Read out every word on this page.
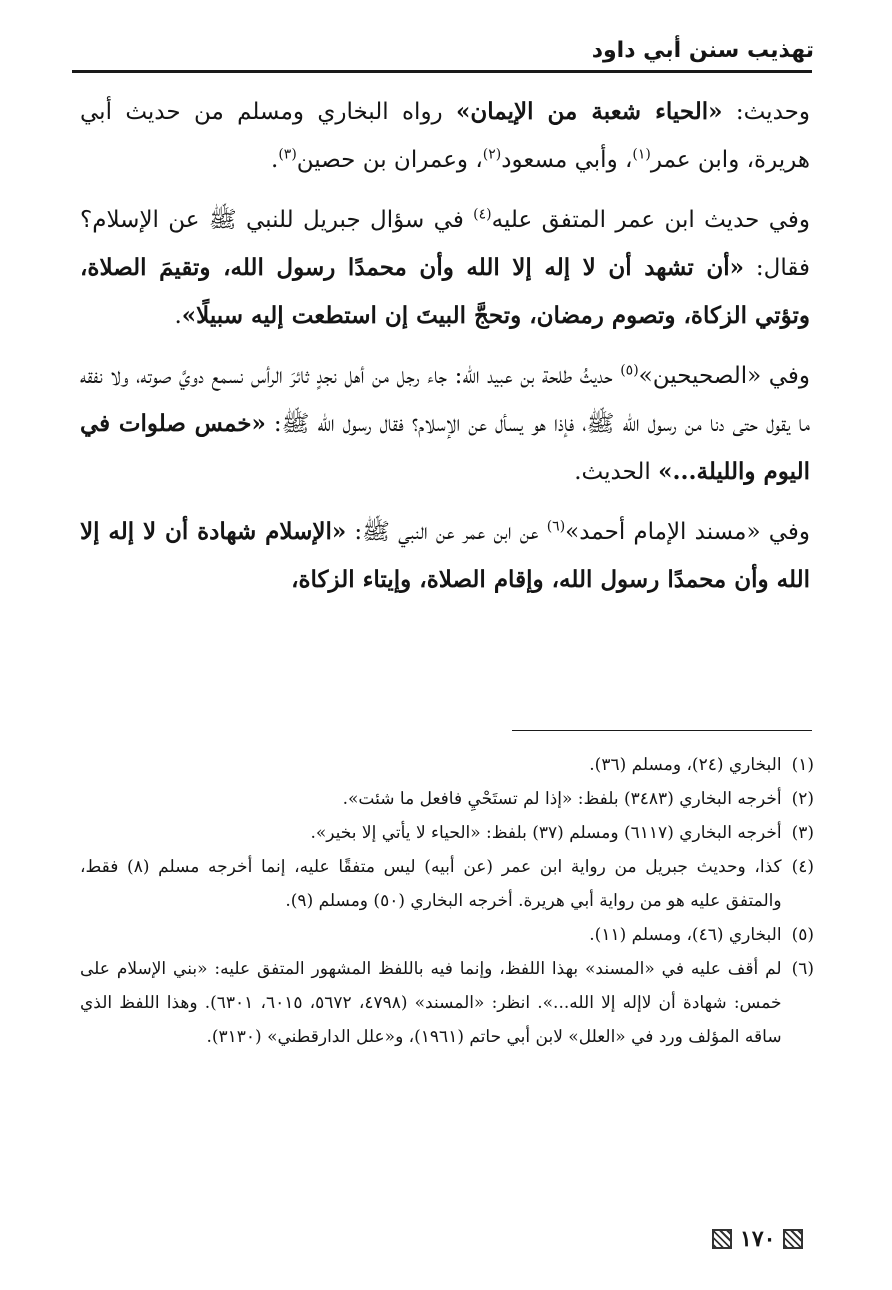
تهذيب سنن أبي داود

وحديث: «الحياء شعبة من الإيمان» رواه البخاري ومسلم من حديث أبي هريرة، وابن عمر$^{(١)}$، وأبي مسعود$^{(٢)}$، وعمران بن حصين$^{(٣)}$.

وفي حديث ابن عمر المتفق عليه$^{(٤)}$ في سؤال جبريل للنبي ﷺ عن الإسلام؟ فقال: «أن تشهد أن لا إله إلا الله وأن محمدًا رسول الله، وتقيمَ الصلاة، وتؤتي الزكاة، وتصوم رمضان، وتحجَّ البيتَ إن استطعت إليه سبيلًا».

وفي «الصحيحين»$^{(٥)}$ حديثُ طلحة بن عبيد الله: جاء رجل من أهل نجدٍ ثائرَ الرأس نسمع دويَّ صوته، ولا نفقه ما يقول حتى دنا من رسول الله ﷺ، فإذا هو يسأل عن الإسلام؟ فقال رسول الله ﷺ: «خمس صلوات في اليوم والليلة...» الحديث.

وفي «مسند الإمام أحمد»$^{(٦)}$ عن ابن عمر عن النبي ﷺ: «الإسلام شهادة أن لا إله إلا الله وأن محمدًا رسول الله، وإقام الصلاة، وإيتاء الزكاة،

(١)
البخاري (٢٤)، ومسلم (٣٦).
(٢)
أخرجه البخاري (٣٤٨٣) بلفظ: «إذا لم تستَحْيِ فافعل ما شئت».
(٣)
أخرجه البخاري (٦١١٧) ومسلم (٣٧) بلفظ: «الحياء لا يأتي إلا بخير».
(٤)
كذا، وحديث جبريل من رواية ابن عمر (عن أبيه) ليس متفقًا عليه، إنما أخرجه مسلم (٨) فقط، والمتفق عليه هو من رواية أبي هريرة. أخرجه البخاري (٥٠) ومسلم (٩).
(٥)
البخاري (٤٦)، ومسلم (١١).
(٦)
لم أقف عليه في «المسند» بهذا اللفظ، وإنما فيه باللفظ المشهور المتفق عليه: «بني الإسلام على خمس: شهادة أن لاإله إلا الله...». انظر: «المسند» (٤٧٩٨، ٥٦٧٢، ٦٠١٥، ٦٣٠١). وهذا اللفظ الذي ساقه المؤلف ورد في «العلل» لابن أبي حاتم (١٩٦١)، و«علل الدارقطني» (٣١٣٠).
١٧٠
